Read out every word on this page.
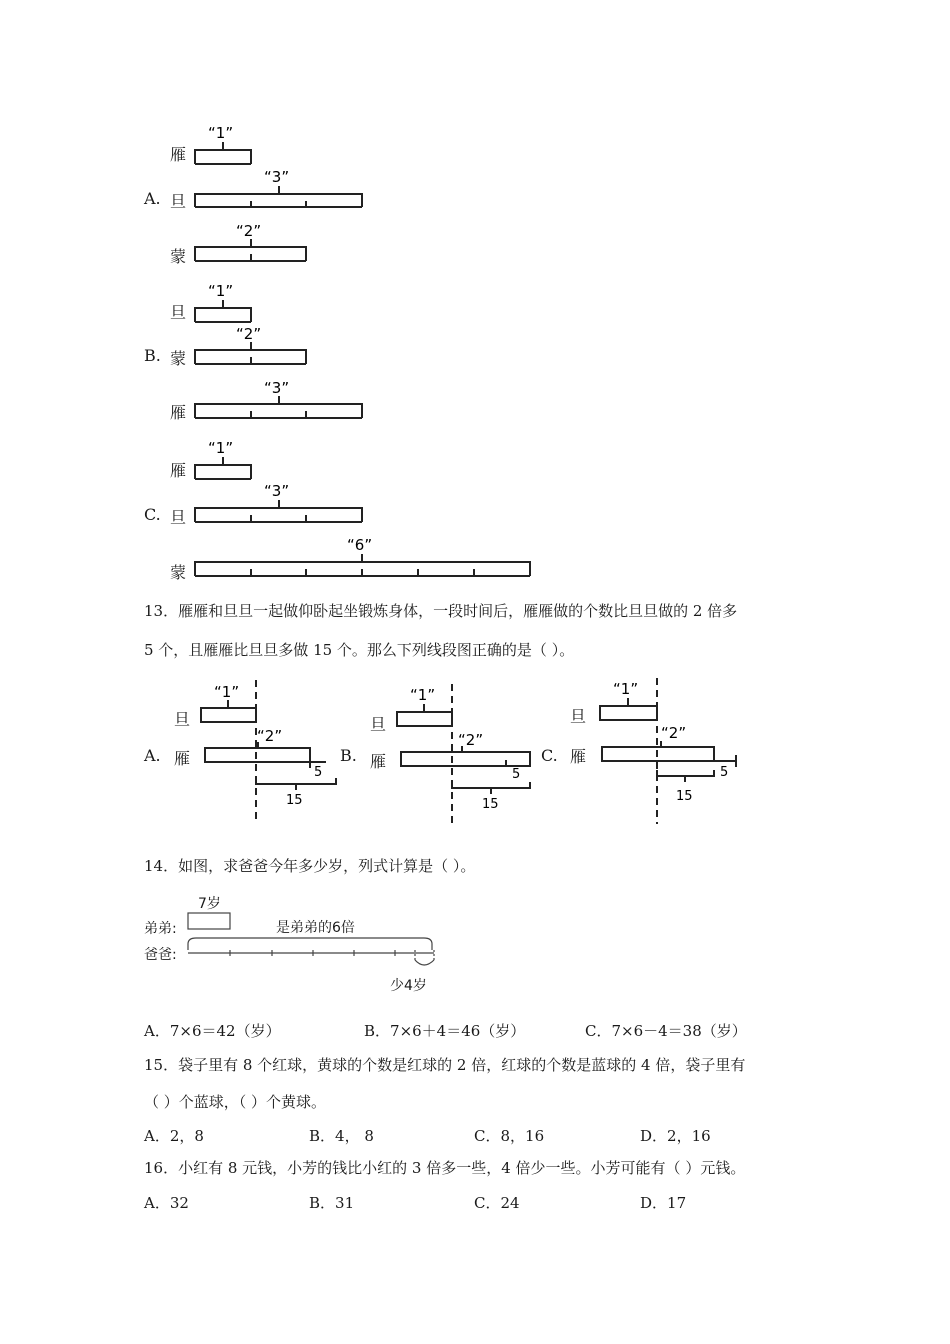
A.
雁
旦
蒙
“1”
“3”
“2”
B.
旦
蒙
雁
“1”
“2”
“3”
C.
雁
旦
蒙
“1”
“3”
“6”
13．雁雁和旦旦一起做仰卧起坐锻炼身体，一段时间后，雁雁做的个数比旦旦做的 2 倍多
5 个，且雁雁比旦旦多做 15 个。那么下列线段图正确的是（ ）。
A.
旦
雁
“1”
“2”
5
15
B.
旦
雁
“1”
“2”
5
15
C.
旦
雁
“1”
“2”
5
15
14．如图，求爸爸今年多少岁，列式计算是（ ）。
弟弟:
7岁
爸爸:
是弟弟的6倍
少4岁
A．7×6＝42（岁）	B．7×6＋4＝46（岁）	C．7×6－4＝38（岁）
15．袋子里有 8 个红球，黄球的个数是红球的 2 倍，红球的个数是蓝球的 4 倍，袋子里有
（ ）个蓝球，（ ）个黄球。
A．2，8	B．4， 8	C．8，16	D．2，16
16．小红有 8 元钱，小芳的钱比小红的 3 倍多一些，4 倍少一些。小芳可能有（ ）元钱。
A．32	B．31	C．24	D．17
